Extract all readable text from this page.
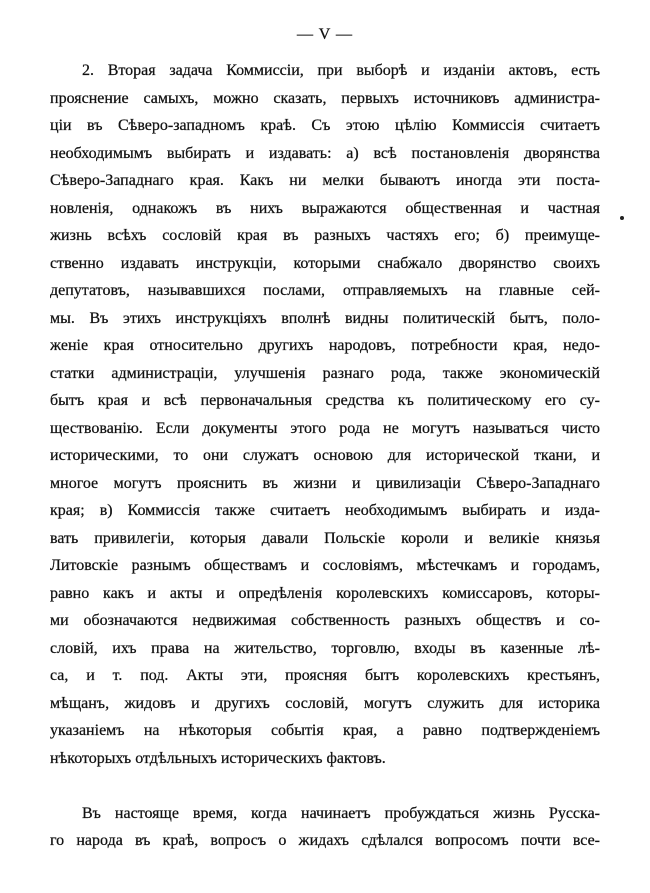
— V —
2. Вторая задача Коммиссіи, при выборѣ и изданіи актовъ, есть
прояснение самыхъ, можно сказать, первыхъ источниковъ администра-
ціи въ Сѣверо-западномъ краѣ. Съ этою цѣлію Коммиссія считаетъ
необходимымъ выбирать и издавать: а) всѣ постановленія дворянства
Сѣверо-Западнаго края. Какъ ни мелки бываютъ иногда эти поста-
новленія, однакожъ въ нихъ выражаются общественная и частная
жизнь всѣхъ сословій края въ разныхъ частяхъ его; б) преимуще-
ственно издавать инструкціи, которыми снабжало дворянство своихъ
депутатовъ, называвшихся послами, отправляемыхъ на главные сей-
мы. Въ этихъ инструкціяхъ вполнѣ видны политическій бытъ, поло-
женіе края относительно другихъ народовъ, потребности края, недо-
статки администраціи, улучшенія разнаго рода, также экономическій
бытъ края и всѣ первоначальныя средства къ политическому его су-
ществованію. Если документы этого рода не могутъ называться чисто
историческими, то они служатъ основою для исторической ткани, и
многое могутъ прояснить въ жизни и цивилизаціи Сѣверо-Западнаго
края; в) Коммиссія также считаетъ необходимымъ выбирать и изда-
вать привилегіи, которыя давали Польскіе короли и великіе князья
Литовскіе разнымъ обществамъ и сословіямъ, мѣстечкамъ и городамъ,
равно какъ и акты и опредѣленія королевскихъ комиссаровъ, которы-
ми обозначаются недвижимая собственность разныхъ обществъ и со-
словій, ихъ права на жительство, торговлю, входы въ казенные лѣ-
са, и т. под. Акты эти, проясняя бытъ королевскихъ крестьянъ,
мѣщанъ, жидовъ и другихъ сословій, могутъ служить для историка
указаніемъ на нѣкоторыя событія края, а равно подтвержденіемъ
нѣкоторыхъ отдѣльныхъ историческихъ фактовъ.
Въ настояще время, когда начинаетъ пробуждаться жизнь Русска-
го народа въ краѣ, вопросъ о жидахъ сдѣлался вопросомъ почти все-
